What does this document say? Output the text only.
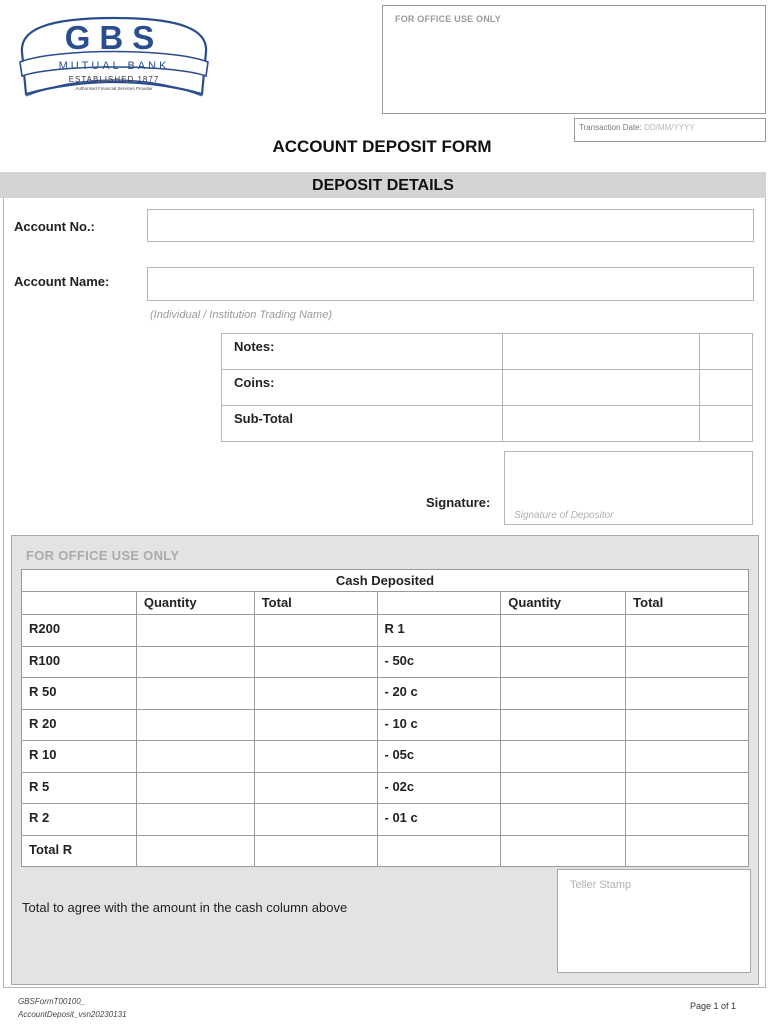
GBS
MUTUAL BANK
ESTABLISHED 1877
Authorised Financial Services Provider
FOR OFFICE USE ONLY
Transaction Date: DD/MM/YYYY
ACCOUNT DEPOSIT FORM
DEPOSIT DETAILS
Account No.:
Account Name:
(Individual / Institution Trading Name)
Notes:		
Coins:		
Sub-Total		
Signature:
Signature of Depositor
FOR OFFICE USE ONLY
Cash Deposited					
	Quantity	Total		Quantity	Total
R200			R 1		
R100			- 50c		
R 50			- 20 c		
R 20			- 10 c		
R 10			- 05c		
R 5			- 02c		
R 2			- 01 c		
Total R					
Total to agree with the amount in the cash column above
Teller Stamp
GBSFormT00100_
AccountDeposit_vsn20230131
Page 1 of 1
